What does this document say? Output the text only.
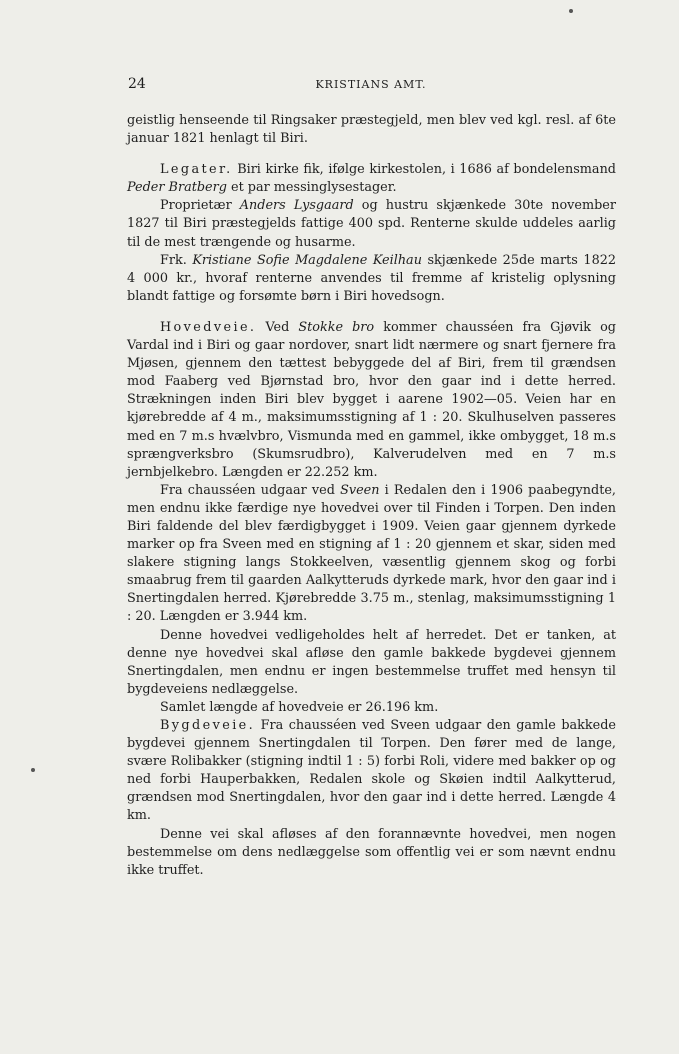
24	KRISTIANS AMT.

geistlig henseende til Ringsaker præstegjeld, men blev ved kgl. resl. af 6te januar 1821 henlagt til Biri.

Legater. Biri kirke fik, ifølge kirkestolen, i 1686 af bondelensmand Peder Bratberg et par messinglysestager.

Proprietær Anders Lysgaard og hustru skjænkede 30te november 1827 til Biri præstegjelds fattige 400 spd. Renterne skulde uddeles aarlig til de mest trængende og husarme.

Frk. Kristiane Sofie Magdalene Keilhau skjænkede 25de marts 1822 4 000 kr., hvoraf renterne anvendes til fremme af kristelig oplysning blandt fattige og forsømte børn i Biri hovedsogn.

Hovedveie. Ved Stokke bro kommer chausséen fra Gjøvik og Vardal ind i Biri og gaar nordover, snart lidt nærmere og snart fjernere fra Mjøsen, gjennem den tættest bebyggede del af Biri, frem til grændsen mod Faaberg ved Bjørnstad bro, hvor den gaar ind i dette herred. Strækningen inden Biri blev bygget i aarene 1902—05. Veien har en kjørebredde af 4 m., maksimumsstigning af 1 : 20. Skulhuselven passeres med en 7 m.s hvælvbro, Vismunda med en gammel, ikke ombygget, 18 m.s sprængverksbro (Skumsrudbro), Kalverudelven med en 7 m.s jernbjelkebro. Længden er 22.252 km.

Fra chausséen udgaar ved Sveen i Redalen den i 1906 paabegyndte, men endnu ikke færdige nye hovedvei over til Finden i Torpen. Den inden Biri faldende del blev færdigbygget i 1909. Veien gaar gjennem dyrkede marker op fra Sveen med en stigning af 1 : 20 gjennem et skar, siden med slakere stigning langs Stokkeelven, væsentlig gjennem skog og forbi smaabrug frem til gaarden Aalkytteruds dyrkede mark, hvor den gaar ind i Snertingdalen herred. Kjørebredde 3.75 m., stenlag, maksimumsstigning 1 : 20. Længden er 3.944 km.

Denne hovedvei vedligeholdes helt af herredet. Det er tanken, at denne nye hovedvei skal afløse den gamle bakkede bygdevei gjennem Snertingdalen, men endnu er ingen bestemmelse truffet med hensyn til bygdeveiens nedlæggelse.

Samlet længde af hovedveie er 26.196 km.

Bygdeveie. Fra chausséen ved Sveen udgaar den gamle bakkede bygdevei gjennem Snertingdalen til Torpen. Den fører med de lange, svære Rolibakker (stigning indtil 1 : 5) forbi Roli, videre med bakker op og ned forbi Hauperbakken, Redalen skole og Skøien indtil Aalkytterud, grændsen mod Snertingdalen, hvor den gaar ind i dette herred. Længde 4 km.

Denne vei skal afløses af den forannævnte hovedvei, men nogen bestemmelse om dens nedlæggelse som offentlig vei er som nævnt endnu ikke truffet.
